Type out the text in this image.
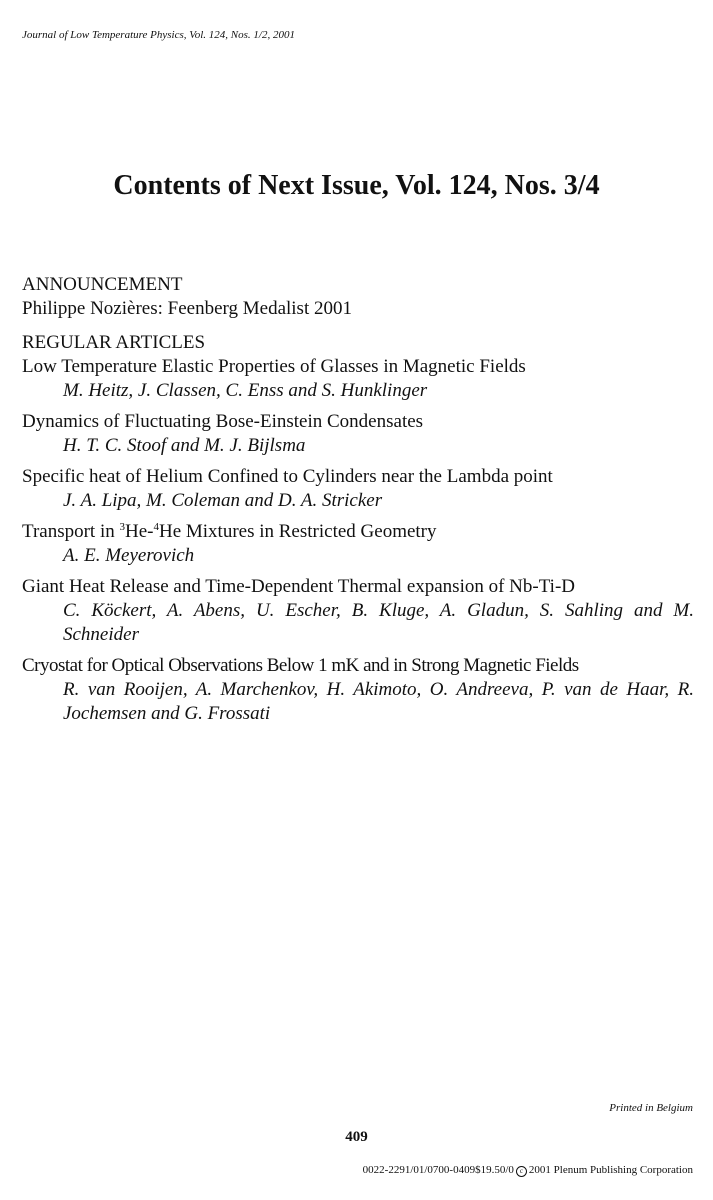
Journal of Low Temperature Physics, Vol. 124, Nos. 1/2, 2001
Contents of Next Issue, Vol. 124, Nos. 3/4
ANNOUNCEMENT
Philippe Nozières: Feenberg Medalist 2001
REGULAR ARTICLES
Low Temperature Elastic Properties of Glasses in Magnetic Fields
M. Heitz, J. Classen, C. Enss and S. Hunklinger
Dynamics of Fluctuating Bose-Einstein Condensates
H. T. C. Stoof and M. J. Bijlsma
Specific heat of Helium Confined to Cylinders near the Lambda point
J. A. Lipa, M. Coleman and D. A. Stricker
Transport in $^3$He-$^4$He Mixtures in Restricted Geometry
A. E. Meyerovich
Giant Heat Release and Time-Dependent Thermal expansion of Nb-Ti-D
C. Köckert, A. Abens, U. Escher, B. Kluge, A. Gladun, S. Sahling and M. Schneider
Cryostat for Optical Observations Below 1 mK and in Strong Magnetic Fields
R. van Rooijen, A. Marchenkov, H. Akimoto, O. Andreeva, P. van de Haar, R. Jochemsen and G. Frossati
Printed in Belgium
409
0022-2291/01/0700-0409$19.50/0 c 2001 Plenum Publishing Corporation
